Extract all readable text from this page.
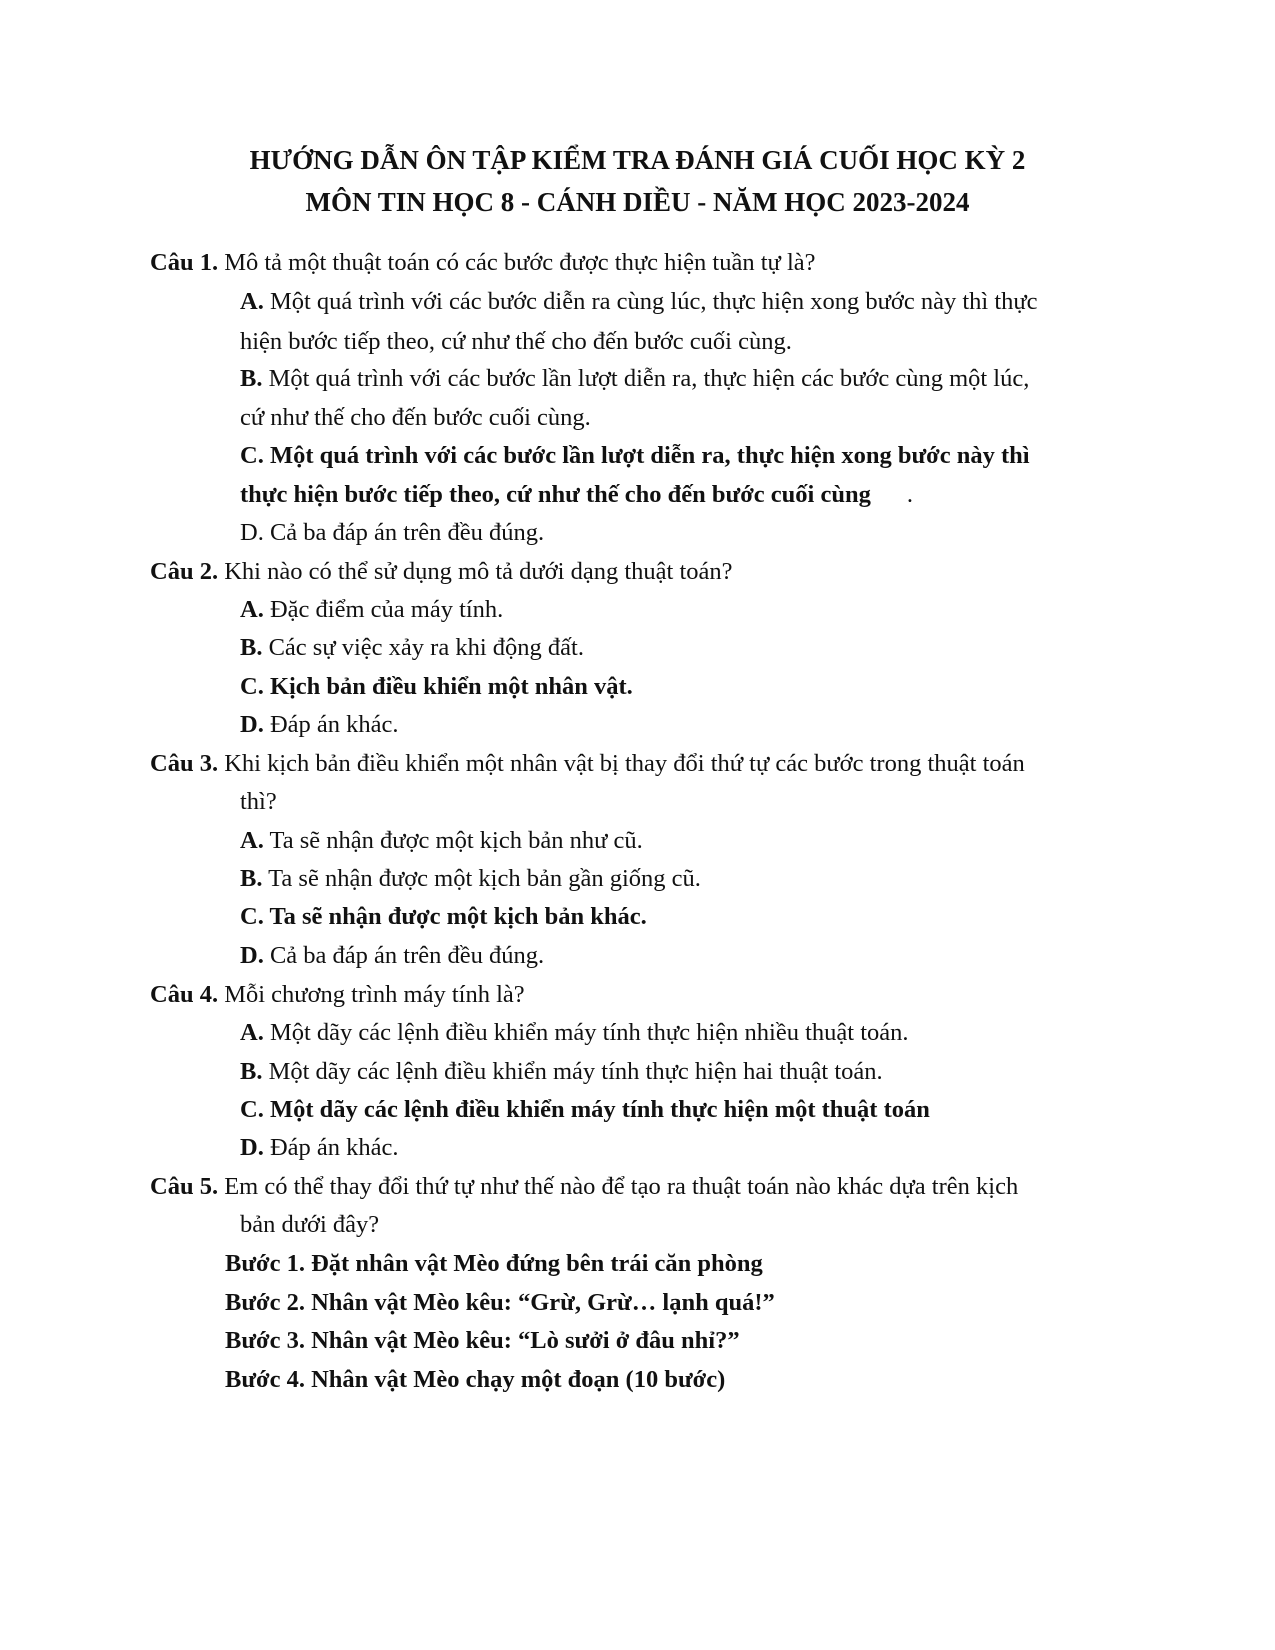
HƯỚNG DẪN ÔN TẬP KIỂM TRA ĐÁNH GIÁ CUỐI HỌC KỲ 2
MÔN TIN HỌC 8 - CÁNH DIỀU - NĂM HỌC 2023-2024
Câu 1. Mô tả một thuật toán có các bước được thực hiện tuần tự là?
A. Một quá trình với các bước diễn ra cùng lúc, thực hiện xong bước này thì thực
hiện bước tiếp theo, cứ như thế cho đến bước cuối cùng.
B. Một quá trình với các bước lần lượt diễn ra, thực hiện các bước cùng một lúc,
cứ như thế cho đến bước cuối cùng.
C. Một quá trình với các bước lần lượt diễn ra, thực hiện xong bước này thì
thực hiện bước tiếp theo, cứ như thế cho đến bước cuối cùng .
D. Cả ba đáp án trên đều đúng.
Câu 2. Khi nào có thể sử dụng mô tả dưới dạng thuật toán?
A. Đặc điểm của máy tính.
B. Các sự việc xảy ra khi động đất.
C. Kịch bản điều khiển một nhân vật.
D. Đáp án khác.
Câu 3. Khi kịch bản điều khiển một nhân vật bị thay đổi thứ tự các bước trong thuật toán
thì?
A. Ta sẽ nhận được một kịch bản như cũ.
B. Ta sẽ nhận được một kịch bản gần giống cũ.
C. Ta sẽ nhận được một kịch bản khác.
D. Cả ba đáp án trên đều đúng.
Câu 4. Mỗi chương trình máy tính là?
A. Một dãy các lệnh điều khiển máy tính thực hiện nhiều thuật toán.
B. Một dãy các lệnh điều khiển máy tính thực hiện hai thuật toán.
C. Một dãy các lệnh điều khiển máy tính thực hiện một thuật toán
D. Đáp án khác.
Câu 5. Em có thể thay đổi thứ tự như thế nào để tạo ra thuật toán nào khác dựa trên kịch
bản dưới đây?
Bước 1. Đặt nhân vật Mèo đứng bên trái căn phòng
Bước 2. Nhân vật Mèo kêu: “Grừ, Grừ… lạnh quá!”
Bước 3. Nhân vật Mèo kêu: “Lò sưởi ở đâu nhỉ?”
Bước 4. Nhân vật Mèo chạy một đoạn (10 bước)
